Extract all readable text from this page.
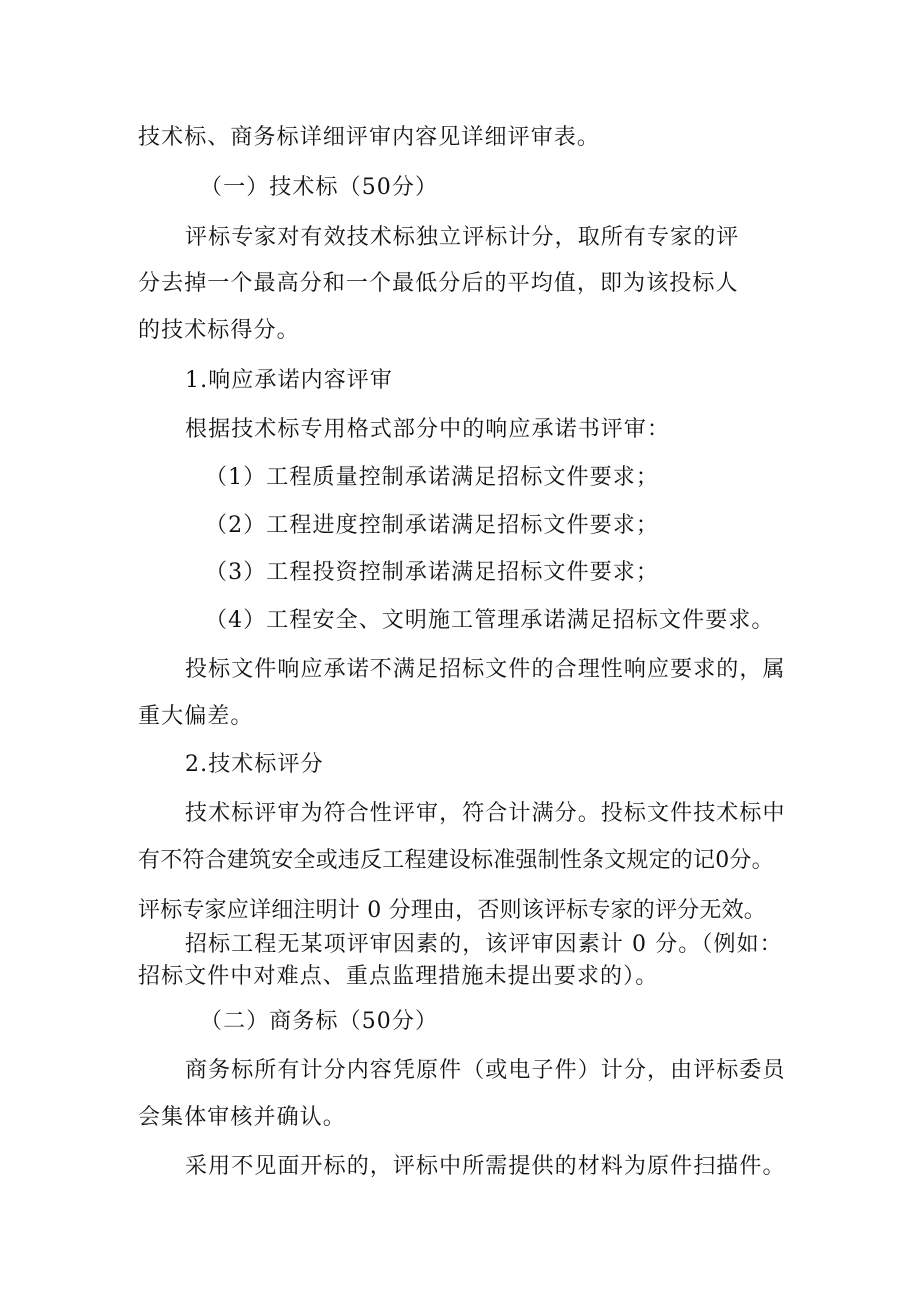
技术标、商务标详细评审内容见详细评审表。
（一）技术标（50分）
评标专家对有效技术标独立评标计分，取所有专家的评
分去掉一个最高分和一个最低分后的平均值，即为该投标人
的技术标得分。
1.响应承诺内容评审
根据技术标专用格式部分中的响应承诺书评审：
（1）工程质量控制承诺满足招标文件要求；
（2）工程进度控制承诺满足招标文件要求；
（3）工程投资控制承诺满足招标文件要求；
（4）工程安全、文明施工管理承诺满足招标文件要求。
投标文件响应承诺不满足招标文件的合理性响应要求的，属
重大偏差。
2.技术标评分
技术标评审为符合性评审，符合计满分。投标文件技术标中
有不符合建筑安全或违反工程建设标准强制性条文规定的记0分。
评标专家应详细注明计 0 分理由，否则该评标专家的评分无效。
招标工程无某项评审因素的，该评审因素计 0 分。（例如：
招标文件中对难点、重点监理措施未提出要求的）。
（二）商务标（50分）
商务标所有计分内容凭原件（或电子件）计分，由评标委员
会集体审核并确认。
采用不见面开标的，评标中所需提供的材料为原件扫描件。
